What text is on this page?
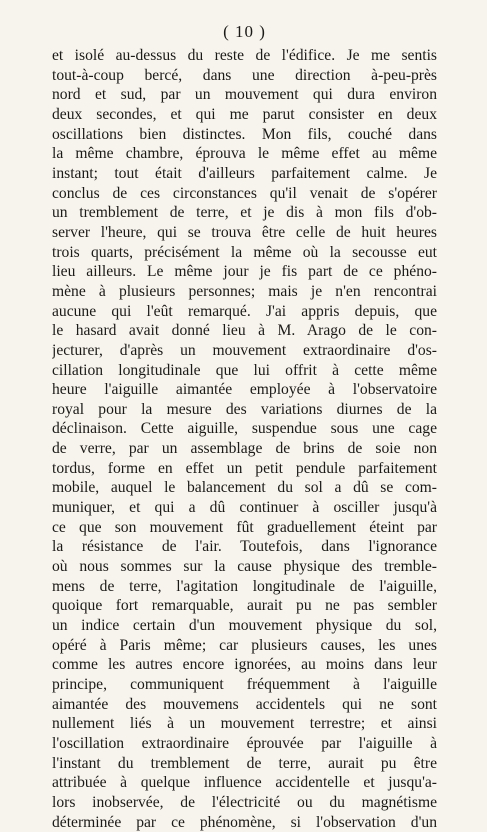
( 10 )
et isolé au-dessus du reste de l'édifice. Je me sentis
tout-à-coup bercé, dans une direction à-peu-près
nord et sud, par un mouvement qui dura environ
deux secondes, et qui me parut consister en deux
oscillations bien distinctes. Mon fils, couché dans
la même chambre, éprouva le même effet au même
instant; tout était d'ailleurs parfaitement calme. Je
conclus de ces circonstances qu'il venait de s'opérer
un tremblement de terre, et je dis à mon fils d'ob-
server l'heure, qui se trouva être celle de huit heures
trois quarts, précisément la même où la secousse eut
lieu ailleurs. Le même jour je fis part de ce phéno-
mène à plusieurs personnes; mais je n'en rencontrai
aucune qui l'eût remarqué. J'ai appris depuis, que
le hasard avait donné lieu à M. Arago de le con-
jecturer, d'après un mouvement extraordinaire d'os-
cillation longitudinale que lui offrit à cette même
heure l'aiguille aimantée employée à l'observatoire
royal pour la mesure des variations diurnes de la
déclinaison. Cette aiguille, suspendue sous une cage
de verre, par un assemblage de brins de soie non
tordus, forme en effet un petit pendule parfaitement
mobile, auquel le balancement du sol a dû se com-
muniquer, et qui a dû continuer à osciller jusqu'à
ce que son mouvement fût graduellement éteint par
la résistance de l'air. Toutefois, dans l'ignorance
où nous sommes sur la cause physique des tremble-
mens de terre, l'agitation longitudinale de l'aiguille,
quoique fort remarquable, aurait pu ne pas sembler
un indice certain d'un mouvement physique du sol,
opéré à Paris même; car plusieurs causes, les unes
comme les autres encore ignorées, au moins dans leur
principe, communiquent fréquemment à l'aiguille
aimantée des mouvemens accidentels qui ne sont
nullement liés à un mouvement terrestre; et ainsi
l'oscillation extraordinaire éprouvée par l'aiguille à
l'instant du tremblement de terre, aurait pu être
attribuée à quelque influence accidentelle et jusqu'a-
lors inobservée, de l'électricité ou du magnétisme
déterminée par ce phénomène, si l'observation d'un
